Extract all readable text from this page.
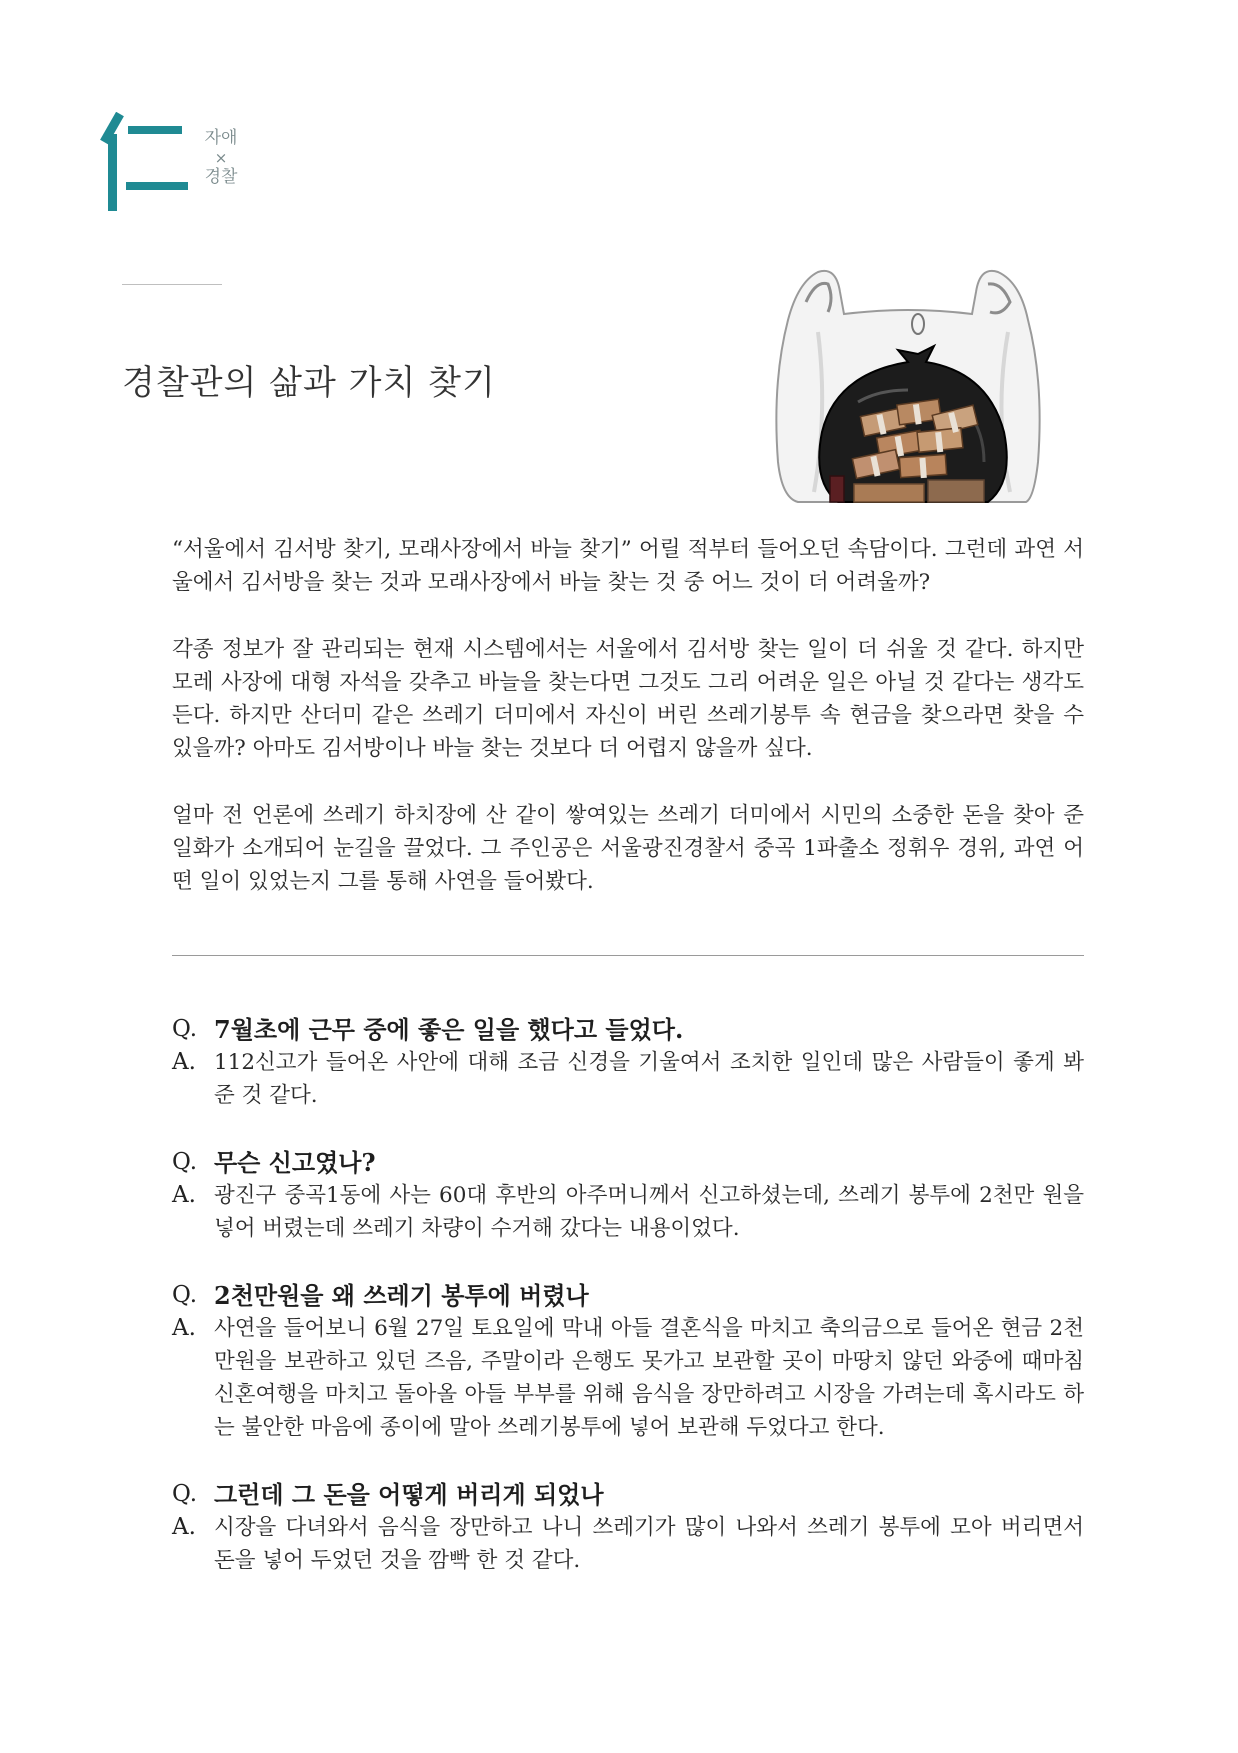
자애
×
경찰
경찰관의 삶과 가치 찾기

“서울에서 김서방 찾기, 모래사장에서 바늘 찾기” 어릴 적부터 들어오던 속담이다. 그런데 과연 서울에서 김서방을 찾는 것과 모래사장에서 바늘 찾는 것 중 어느 것이 더 어려울까?

각종 정보가 잘 관리되는 현재 시스템에서는 서울에서 김서방 찾는 일이 더 쉬울 것 같다. 하지만 모레 사장에 대형 자석을 갖추고 바늘을 찾는다면 그것도 그리 어려운 일은 아닐 것 같다는 생각도 든다. 하지만 산더미 같은 쓰레기 더미에서 자신이 버린 쓰레기봉투 속 현금을 찾으라면 찾을 수 있을까? 아마도 김서방이나 바늘 찾는 것보다 더 어렵지 않을까 싶다.

얼마 전 언론에 쓰레기 하치장에 산 같이 쌓여있는 쓰레기 더미에서 시민의 소중한 돈을 찾아 준 일화가 소개되어 눈길을 끌었다. 그 주인공은 서울광진경찰서 중곡 1파출소 정휘우 경위, 과연 어떤 일이 있었는지 그를 통해 사연을 들어봤다.

Q. 7월초에 근무 중에 좋은 일을 했다고 들었다.
A. 112신고가 들어온 사안에 대해 조금 신경을 기울여서 조치한 일인데 많은 사람들이 좋게 봐준 것 같다.
Q. 무슨 신고였나?
A. 광진구 중곡1동에 사는 60대 후반의 아주머니께서 신고하셨는데, 쓰레기 봉투에 2천만 원을 넣어 버렸는데 쓰레기 차량이 수거해 갔다는 내용이었다.
Q. 2천만원을 왜 쓰레기 봉투에 버렸나
A. 사연을 들어보니 6월 27일 토요일에 막내 아들 결혼식을 마치고 축의금으로 들어온 현금 2천만원을 보관하고 있던 즈음, 주말이라 은행도 못가고 보관할 곳이 마땅치 않던 와중에 때마침 신혼여행을 마치고 돌아올 아들 부부를 위해 음식을 장만하려고 시장을 가려는데 혹시라도 하는 불안한 마음에 종이에 말아 쓰레기봉투에 넣어 보관해 두었다고 한다.
Q. 그런데 그 돈을 어떻게 버리게 되었나
A. 시장을 다녀와서 음식을 장만하고 나니 쓰레기가 많이 나와서 쓰레기 봉투에 모아 버리면서 돈을 넣어 두었던 것을 깜빡 한 것 같다.
